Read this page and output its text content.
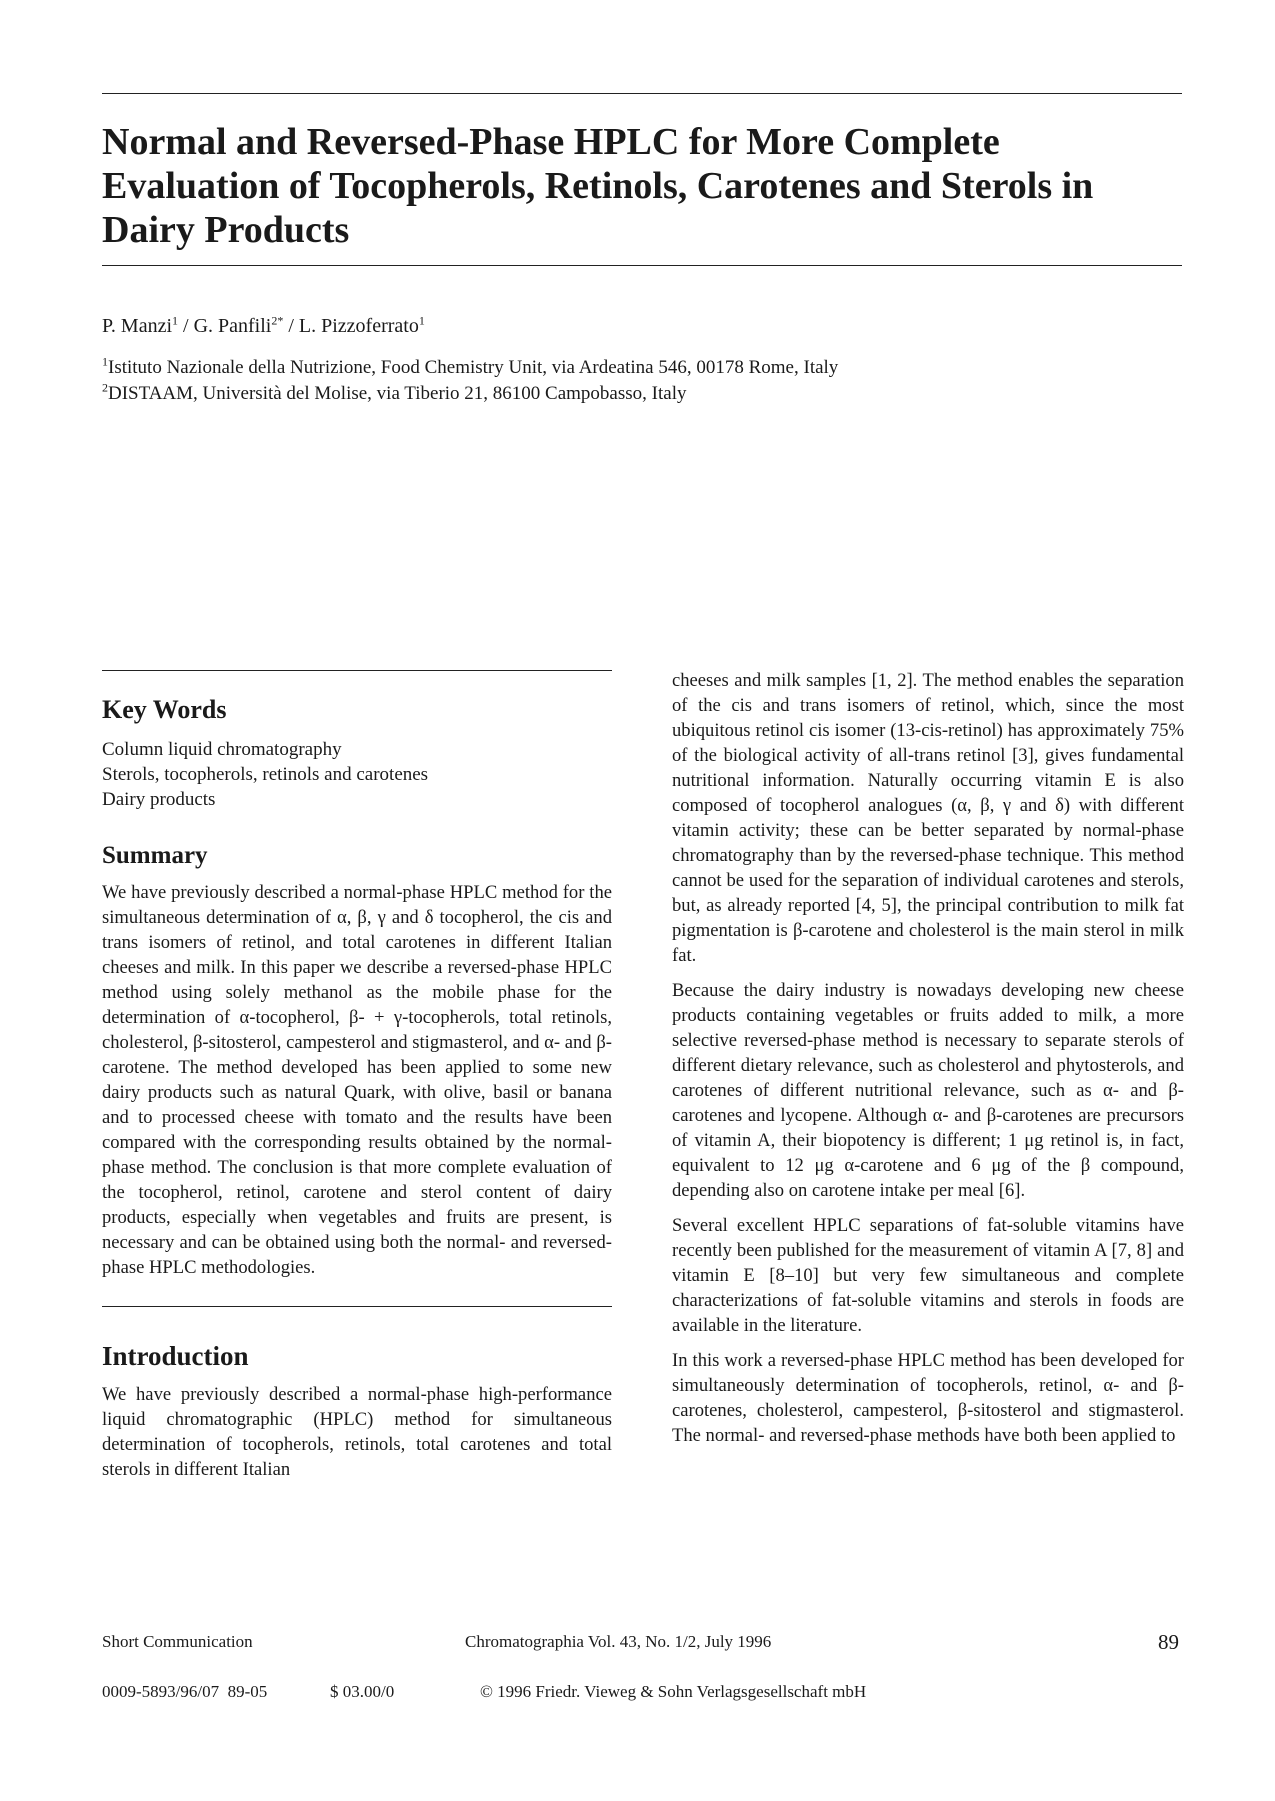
Normal and Reversed-Phase HPLC for More Complete Evaluation of Tocopherols, Retinols, Carotenes and Sterols in Dairy Products
P. Manzi$^1$ / G. Panfili$^{2*}$ / L. Pizzoferrato$^1$
$^1$Istituto Nazionale della Nutrizione, Food Chemistry Unit, via Ardeatina 546, 00178 Rome, Italy
$^2$DISTAAM, Università del Molise, via Tiberio 21, 86100 Campobasso, Italy
Key Words
Column liquid chromatography
Sterols, tocopherols, retinols and carotenes
Dairy products
Summary

We have previously described a normal-phase HPLC method for the simultaneous determination of α, β, γ and δ tocopherol, the cis and trans isomers of retinol, and total carotenes in different Italian cheeses and milk. In this paper we describe a reversed-phase HPLC method using solely methanol as the mobile phase for the determination of α-tocopherol, β- + γ-tocopherols, total retinols, cholesterol, β-sitosterol, campesterol and stigmasterol, and α- and β-carotene. The method developed has been applied to some new dairy products such as natural Quark, with olive, basil or banana and to processed cheese with tomato and the results have been compared with the corresponding results obtained by the normal-phase method. The conclusion is that more complete evaluation of the tocopherol, retinol, carotene and sterol content of dairy products, especially when vegetables and fruits are present, is necessary and can be obtained using both the normal- and reversed-phase HPLC methodologies.

Introduction

We have previously described a normal-phase high-performance liquid chromatographic (HPLC) method for simultaneous determination of tocopherols, retinols, total carotenes and total sterols in different Italian

cheeses and milk samples [1, 2]. The method enables the separation of the cis and trans isomers of retinol, which, since the most ubiquitous retinol cis isomer (13-cis-retinol) has approximately 75% of the biological activity of all-trans retinol [3], gives fundamental nutritional information. Naturally occurring vitamin E is also composed of tocopherol analogues (α, β, γ and δ) with different vitamin activity; these can be better separated by normal-phase chromatography than by the reversed-phase technique. This method cannot be used for the separation of individual carotenes and sterols, but, as already reported [4, 5], the principal contribution to milk fat pigmentation is β-carotene and cholesterol is the main sterol in milk fat.

Because the dairy industry is nowadays developing new cheese products containing vegetables or fruits added to milk, a more selective reversed-phase method is necessary to separate sterols of different dietary relevance, such as cholesterol and phytosterols, and carotenes of different nutritional relevance, such as α- and β-carotenes and lycopene. Although α- and β-carotenes are precursors of vitamin A, their biopotency is different; 1 μg retinol is, in fact, equivalent to 12 μg α-carotene and 6 μg of the β compound, depending also on carotene intake per meal [6].

Several excellent HPLC separations of fat-soluble vitamins have recently been published for the measurement of vitamin A [7, 8] and vitamin E [8–10] but very few simultaneous and complete characterizations of fat-soluble vitamins and sterols in foods are available in the literature.

In this work a reversed-phase HPLC method has been developed for simultaneously determination of tocopherols, retinol, α- and β-carotenes, cholesterol, campesterol, β-sitosterol and stigmasterol. The normal- and reversed-phase methods have both been applied to

Short Communication	Chromatographia Vol. 43, No. 1/2, July 1996	89
0009-5893/96/07  89-05	$ 03.00/0	© 1996 Friedr. Vieweg & Sohn Verlagsgesellschaft mbH
